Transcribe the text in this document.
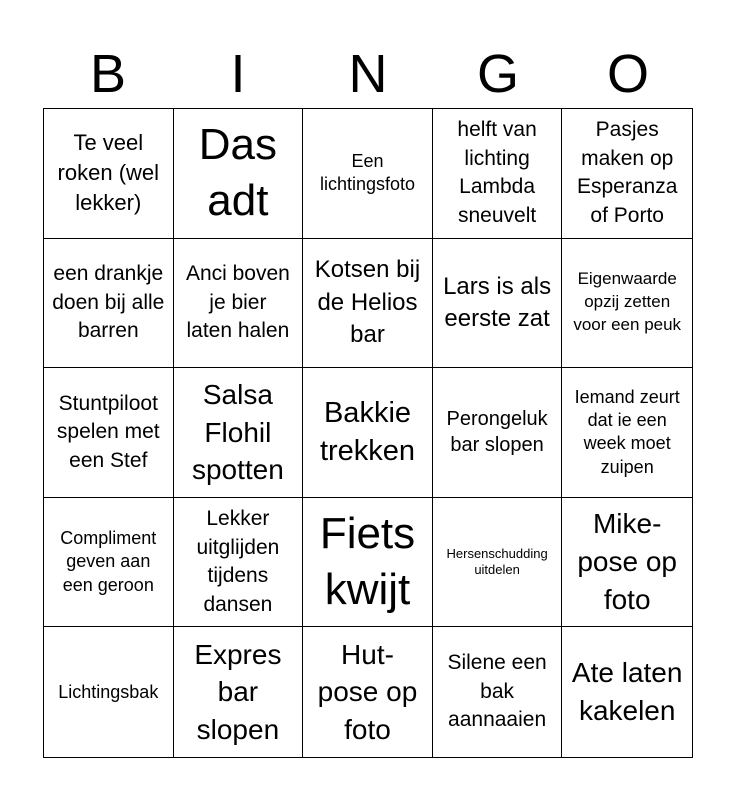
B	I	N	G	O
Te veel roken (wel lekker)
Das adt
Een lichtingsfoto
helft van lichting Lambda sneuvelt
Pasjes maken op Esperanza of Porto
een drankje doen bij alle barren
Anci boven je bier laten halen
Kotsen bij de Helios bar
Lars is als eerste zat
Eigenwaarde opzij zetten voor een peuk
Stuntpiloot spelen met een Stef
Salsa Flohil spotten
Bakkie trekken
Perongeluk bar slopen
Iemand zeurt dat ie een week moet zuipen
Compliment geven aan een geroon
Lekker uitglijden tijdens dansen
Fiets kwijt
Hersenschudding uitdelen
Mike-pose op foto
Lichtingsbak
Expres bar slopen
Hut-pose op foto
Silene een bak aannaaien
Ate laten kakelen
